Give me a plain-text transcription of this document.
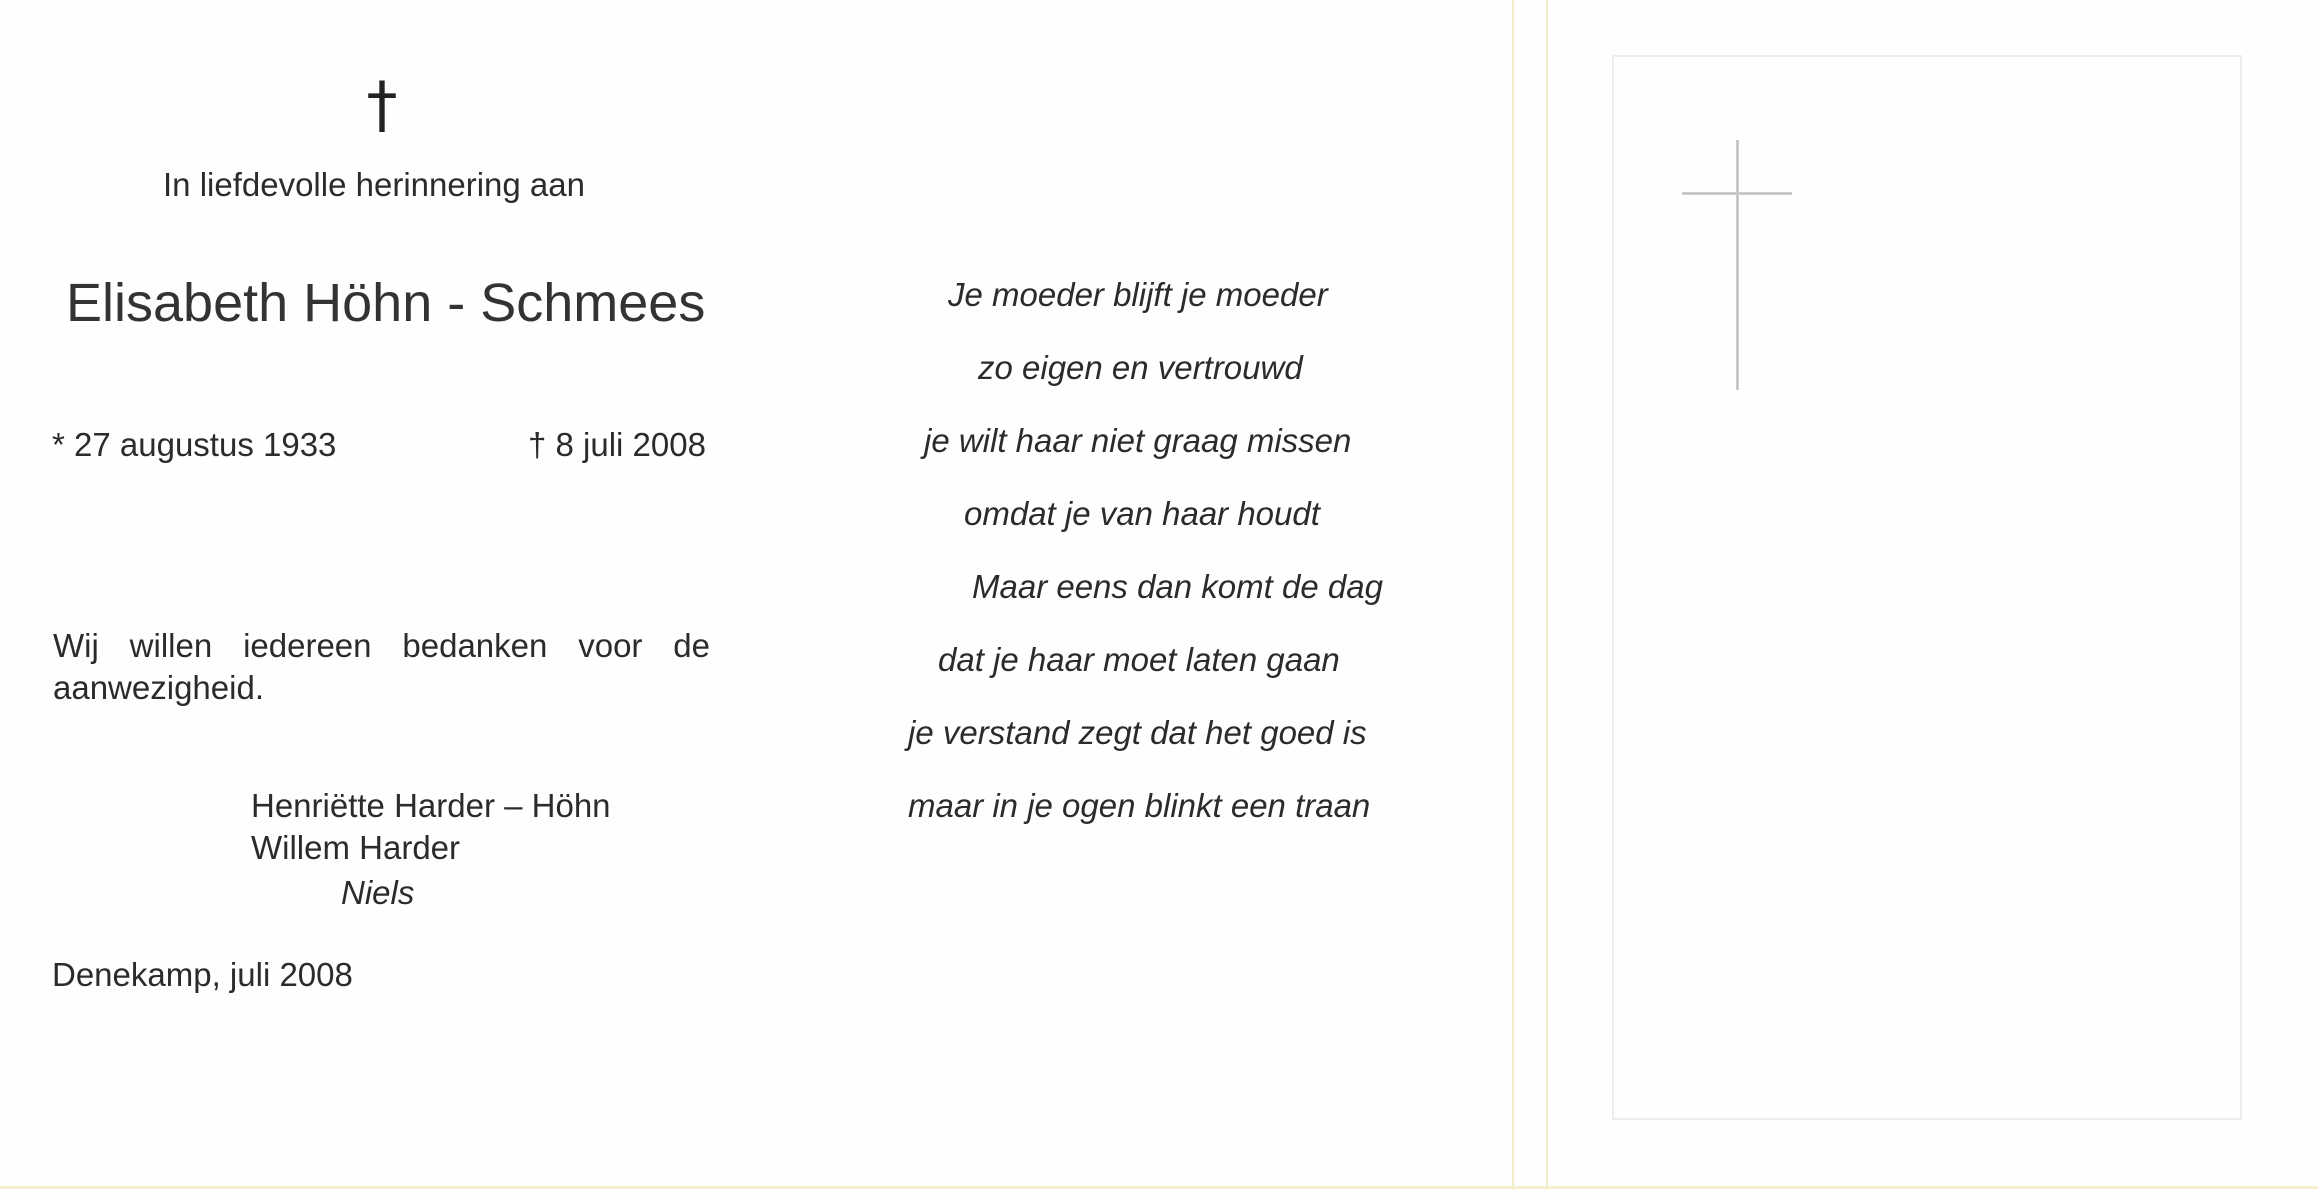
†
In liefdevolle herinnering aan
Elisabeth Höhn - Schmees
* 27 augustus 1933	† 8 juli 2008
Wij willen iedereen bedanken voor de aanwezigheid.
Henriëtte Harder – Höhn
Willem Harder
Niels
Denekamp, juli 2008
Je moeder blijft je moeder
zo eigen en vertrouwd
je wilt haar niet graag missen
omdat je van haar houdt
Maar eens dan komt de dag
dat je haar moet laten gaan
je verstand zegt dat het goed is
maar in je ogen blinkt een traan
